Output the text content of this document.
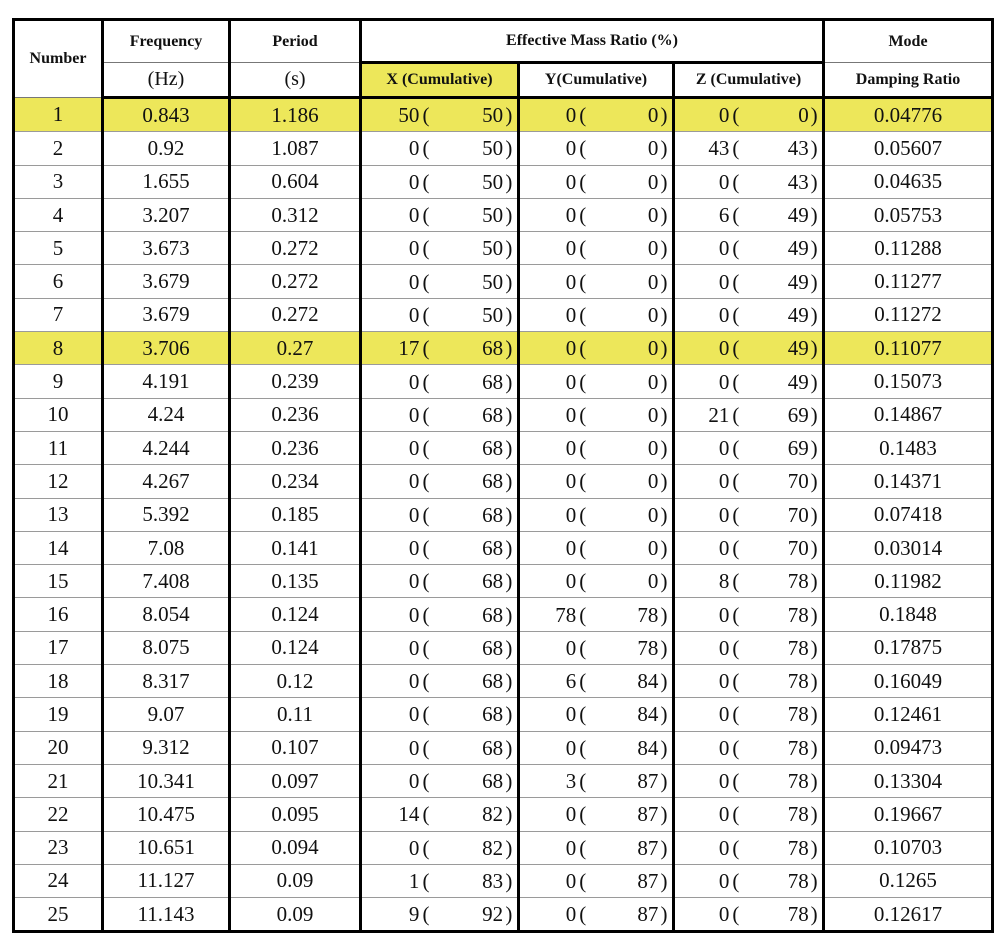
Number	Frequency	Period	Effective Mass Ratio (%)			Mode
	(Hz)	(s)	X (Cumulative)	Y(Cumulative)	Z (Cumulative)	Damping Ratio
1	0.843	1.186	50 ( 50 )	0 ( 0 )	0 ( 0 )	0.04776
2	0.92	1.087	0 ( 50 )	0 ( 0 )	43 ( 43 )	0.05607
3	1.655	0.604	0 ( 50 )	0 ( 0 )	0 ( 43 )	0.04635
4	3.207	0.312	0 ( 50 )	0 ( 0 )	6 ( 49 )	0.05753
5	3.673	0.272	0 ( 50 )	0 ( 0 )	0 ( 49 )	0.11288
6	3.679	0.272	0 ( 50 )	0 ( 0 )	0 ( 49 )	0.11277
7	3.679	0.272	0 ( 50 )	0 ( 0 )	0 ( 49 )	0.11272
8	3.706	0.27	17 ( 68 )	0 ( 0 )	0 ( 49 )	0.11077
9	4.191	0.239	0 ( 68 )	0 ( 0 )	0 ( 49 )	0.15073
10	4.24	0.236	0 ( 68 )	0 ( 0 )	21 ( 69 )	0.14867
11	4.244	0.236	0 ( 68 )	0 ( 0 )	0 ( 69 )	0.1483
12	4.267	0.234	0 ( 68 )	0 ( 0 )	0 ( 70 )	0.14371
13	5.392	0.185	0 ( 68 )	0 ( 0 )	0 ( 70 )	0.07418
14	7.08	0.141	0 ( 68 )	0 ( 0 )	0 ( 70 )	0.03014
15	7.408	0.135	0 ( 68 )	0 ( 0 )	8 ( 78 )	0.11982
16	8.054	0.124	0 ( 68 )	78 ( 78 )	0 ( 78 )	0.1848
17	8.075	0.124	0 ( 68 )	0 ( 78 )	0 ( 78 )	0.17875
18	8.317	0.12	0 ( 68 )	6 ( 84 )	0 ( 78 )	0.16049
19	9.07	0.11	0 ( 68 )	0 ( 84 )	0 ( 78 )	0.12461
20	9.312	0.107	0 ( 68 )	0 ( 84 )	0 ( 78 )	0.09473
21	10.341	0.097	0 ( 68 )	3 ( 87 )	0 ( 78 )	0.13304
22	10.475	0.095	14 ( 82 )	0 ( 87 )	0 ( 78 )	0.19667
23	10.651	0.094	0 ( 82 )	0 ( 87 )	0 ( 78 )	0.10703
24	11.127	0.09	1 ( 83 )	0 ( 87 )	0 ( 78 )	0.1265
25	11.143	0.09	9 ( 92 )	0 ( 87 )	0 ( 78 )	0.12617
